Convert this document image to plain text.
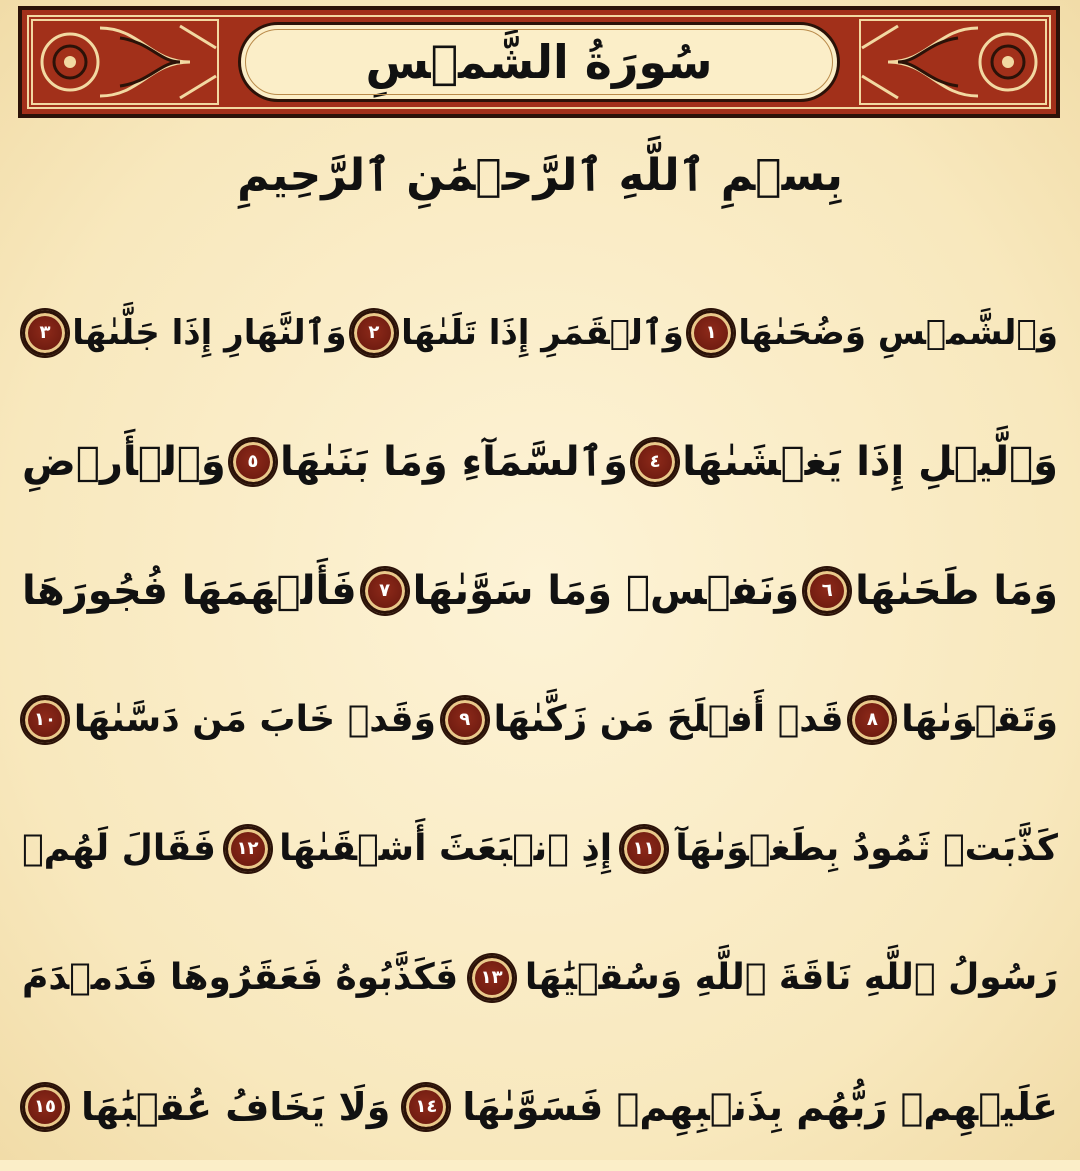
سُورَةُ الشَّمۡسِ
بِسۡمِ ٱللَّهِ ٱلرَّحۡمَٰنِ ٱلرَّحِيمِ
وَٱلشَّمۡسِ وَضُحَىٰهَا
١
وَٱلۡقَمَرِ إِذَا تَلَىٰهَا
٢
وَٱلنَّهَارِ إِذَا جَلَّىٰهَا
٣
وَٱلَّيۡلِ إِذَا يَغۡشَىٰهَا
٤
وَٱلسَّمَآءِ وَمَا بَنَىٰهَا
٥
وَٱلۡأَرۡضِ
وَمَا طَحَىٰهَا
٦
وَنَفۡسٖ وَمَا سَوَّىٰهَا
٧
فَأَلۡهَمَهَا فُجُورَهَا
وَتَقۡوَىٰهَا
٨
قَدۡ أَفۡلَحَ مَن زَكَّىٰهَا
٩
وَقَدۡ خَابَ مَن دَسَّىٰهَا
١٠
كَذَّبَتۡ ثَمُودُ بِطَغۡوَىٰهَآ
١١
إِذِ ٱنۢبَعَثَ أَشۡقَىٰهَا
١٢
فَقَالَ لَهُمۡ
رَسُولُ ٱللَّهِ نَاقَةَ ٱللَّهِ وَسُقۡيَٰهَا
١٣
فَكَذَّبُوهُ فَعَقَرُوهَا فَدَمۡدَمَ
عَلَيۡهِمۡ رَبُّهُم بِذَنۢبِهِمۡ فَسَوَّىٰهَا
١٤
وَلَا يَخَافُ عُقۡبَٰهَا
١٥
